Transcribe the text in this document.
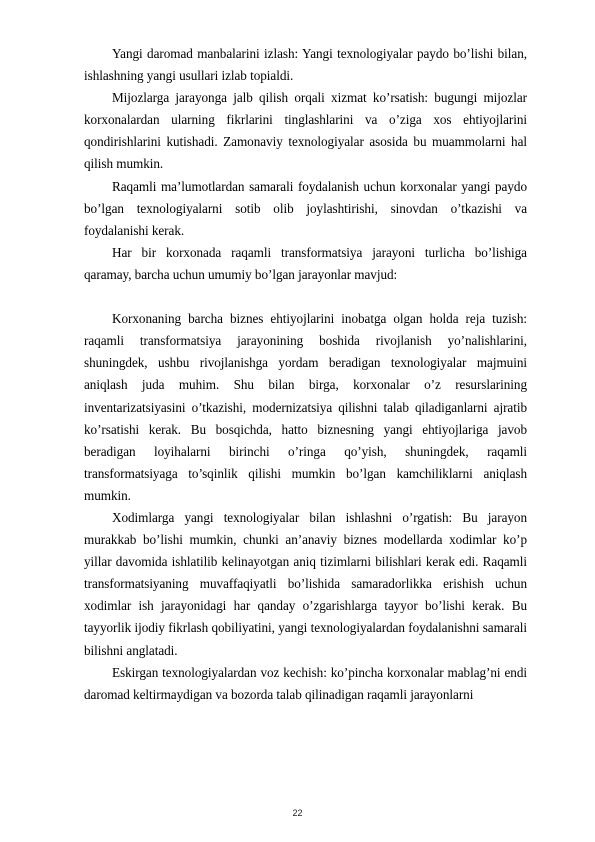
Yangi daromad manbalarini izlash: Yangi texnologiyalar paydo bo’lishi bilan, ishlashning yangi usullari izlab topialdi.

Mijozlarga jarayonga jalb qilish orqali xizmat ko’rsatish: bugungi mijozlar korxonalardan ularning fikrlarini tinglashlarini va o’ziga xos ehtiyojlarini qondirishlarini kutishadi. Zamonaviy texnologiyalar asosida bu muammolarni hal qilish mumkin.

Raqamli ma’lumotlardan samarali foydalanish uchun korxonalar yangi paydo bo’lgan texnologiyalarni sotib olib joylashtirishi, sinovdan o’tkazishi va foydalanishi kerak.

Har bir korxonada raqamli transformatsiya jarayoni turlicha bo’lishiga qaramay, barcha uchun umumiy bo’lgan jarayonlar mavjud:

Korxonaning barcha biznes ehtiyojlarini inobatga olgan holda reja tuzish: raqamli transformatsiya jarayonining boshida rivojlanish yo’nalishlarini, shuningdek, ushbu rivojlanishga yordam beradigan texnologiyalar majmuini aniqlash juda muhim. Shu bilan birga, korxonalar o’z resurslarining inventarizatsiyasini o’tkazishi, modernizatsiya qilishni talab qiladiganlarni ajratib ko’rsatishi kerak. Bu bosqichda, hatto biznesning yangi ehtiyojlariga javob beradigan loyihalarni birinchi o’ringa qo’yish, shuningdek, raqamli transformatsiyaga to’sqinlik qilishi mumkin bo’lgan kamchiliklarni aniqlash mumkin.

Xodimlarga yangi texnologiyalar bilan ishlashni o’rgatish: Bu jarayon murakkab bo’lishi mumkin, chunki an’anaviy biznes modellarda xodimlar ko’p yillar davomida ishlatilib kelinayotgan aniq tizimlarni bilishlari kerak edi. Raqamli transformatsiyaning muvaffaqiyatli bo’lishida samaradorlikka erishish uchun xodimlar ish jarayonidagi har qanday o’zgarishlarga tayyor bo’lishi kerak. Bu tayyorlik ijodiy fikrlash qobiliyatini, yangi texnologiyalardan foydalanishni samarali bilishni anglatadi.

Eskirgan texnologiyalardan voz kechish: ko’pincha korxonalar mablag’ni endi daromad keltirmaydigan va bozorda talab qilinadigan raqamli jarayonlarni

22
